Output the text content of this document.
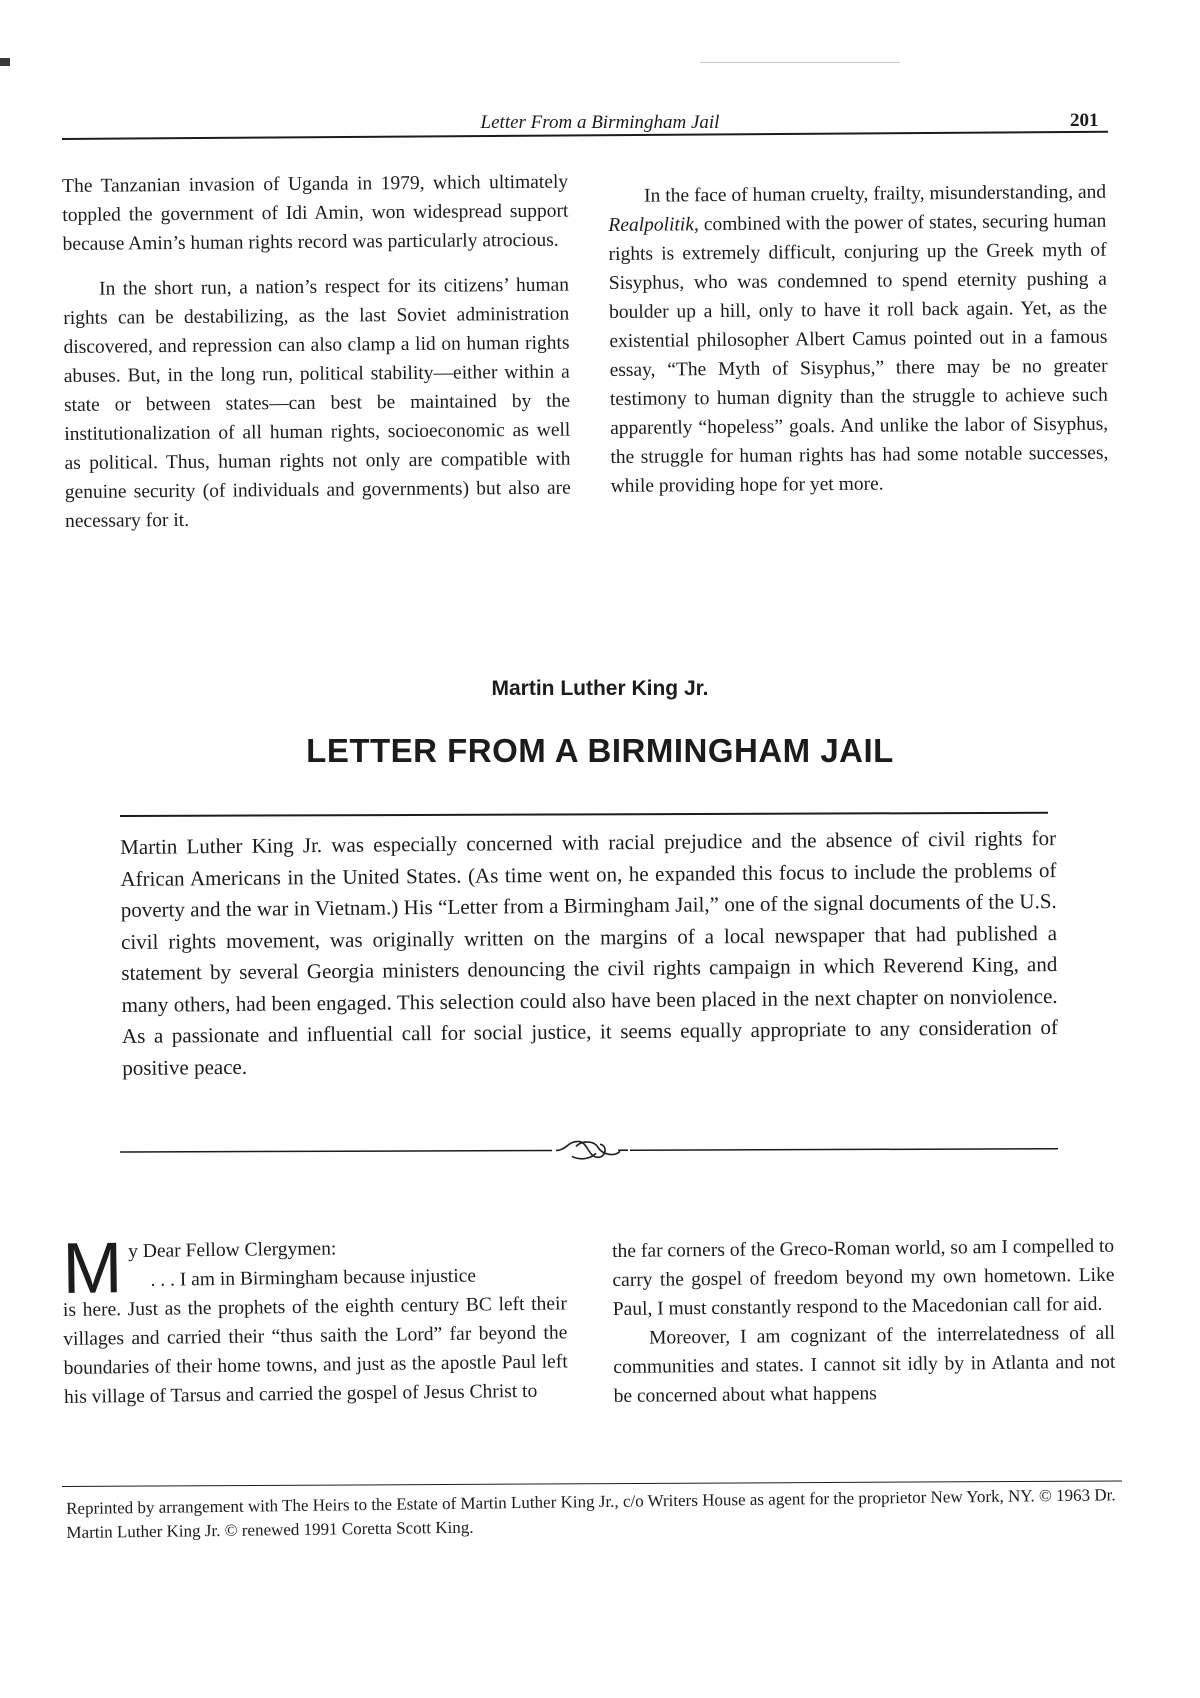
Letter From a Birmingham Jail	201

The Tanzanian invasion of Uganda in 1979, which ultimately toppled the government of Idi Amin, won widespread support because Amin’s human rights record was particularly atrocious.

In the short run, a nation’s respect for its citizens’ human rights can be destabilizing, as the last Soviet administration discovered, and repression can also clamp a lid on human rights abuses. But, in the long run, political stability—either within a state or between states—can best be maintained by the institutionalization of all human rights, socioeconomic as well as political. Thus, human rights not only are compatible with genuine security (of individuals and governments) but also are necessary for it.

In the face of human cruelty, frailty, misunderstanding, and Realpolitik, combined with the power of states, securing human rights is extremely difficult, conjuring up the Greek myth of Sisyphus, who was condemned to spend eternity pushing a boulder up a hill, only to have it roll back again. Yet, as the existential philosopher Albert Camus pointed out in a famous essay, “The Myth of Sisyphus,” there may be no greater testimony to human dignity than the struggle to achieve such apparently “hopeless” goals. And unlike the labor of Sisyphus, the struggle for human rights has had some notable successes, while providing hope for yet more.

Martin Luther King Jr.
LETTER FROM A BIRMINGHAM JAIL

Martin Luther King Jr. was especially concerned with racial prejudice and the absence of civil rights for African Americans in the United States. (As time went on, he expanded this focus to include the problems of poverty and the war in Vietnam.) His “Letter from a Birmingham Jail,” one of the signal documents of the U.S. civil rights movement, was originally written on the margins of a local newspaper that had published a statement by several Georgia ministers denouncing the civil rights campaign in which Reverend King, and many others, had been engaged. This selection could also have been placed in the next chapter on nonviolence. As a passionate and influential call for social justice, it seems equally appropriate to any consideration of positive peace.

M y Dear Fellow Clergymen:
. . . I am in Birmingham because injustice
is here. Just as the prophets of the eighth century BC left their villages and carried their “thus saith the Lord” far beyond the boundaries of their home towns, and just as the apostle Paul left his village of Tarsus and carried the gospel of Jesus Christ to

the far corners of the Greco-Roman world, so am I compelled to carry the gospel of freedom beyond my own hometown. Like Paul, I must constantly respond to the Macedonian call for aid.

Moreover, I am cognizant of the interrelatedness of all communities and states. I cannot sit idly by in Atlanta and not be concerned about what happens

Reprinted by arrangement with The Heirs to the Estate of Martin Luther King Jr., c/o Writers House as agent for the proprietor New York, NY. © 1963 Dr. Martin Luther King Jr. © renewed 1991 Coretta Scott King.
